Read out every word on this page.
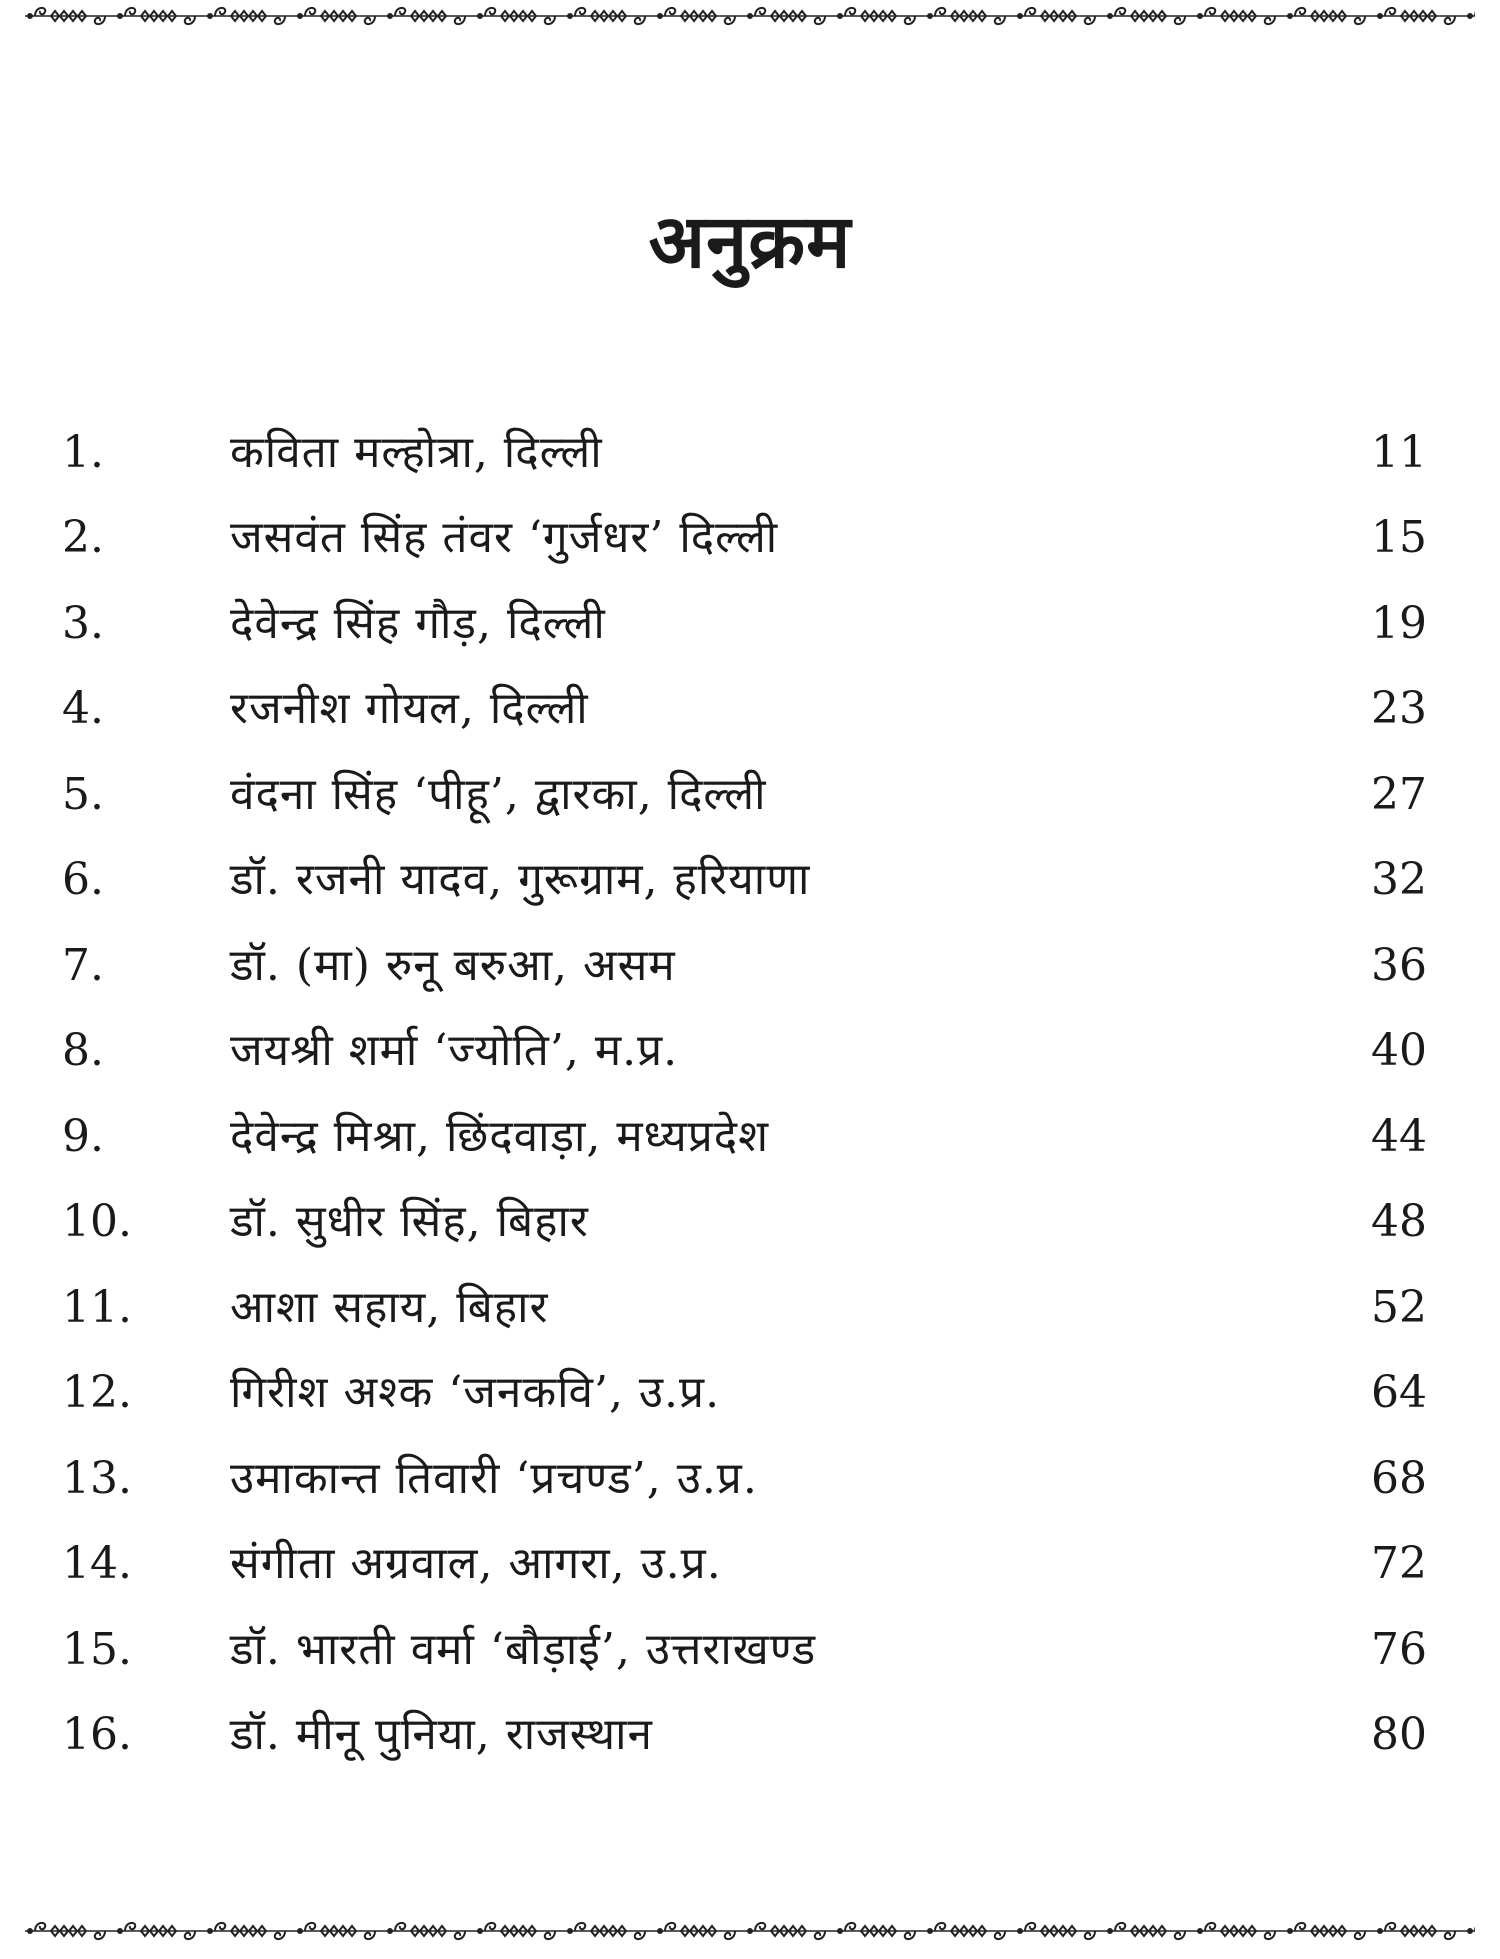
अनुक्रम
1.	कविता मल्होत्रा, दिल्ली	11
2.	जसवंत सिंह तंवर ‘गुर्जधर’ दिल्ली	15
3.	देवेन्द्र सिंह गौड़, दिल्ली	19
4.	रजनीश गोयल, दिल्ली	23
5.	वंदना सिंह ‘पीहू’, द्वारका, दिल्ली	27
6.	डॉ. रजनी यादव, गुरूग्राम, हरियाणा	32
7.	डॉ. (मा) रुनू बरुआ, असम	36
8.	जयश्री शर्मा ‘ज्योति’, म.प्र.	40
9.	देवेन्द्र मिश्रा, छिंदवाड़ा, मध्यप्रदेश	44
10.	डॉ. सुधीर सिंह, बिहार	48
11.	आशा सहाय, बिहार	52
12.	गिरीश अश्क ‘जनकवि’, उ.प्र.	64
13.	उमाकान्त तिवारी ‘प्रचण्ड’, उ.प्र.	68
14.	संगीता अग्रवाल, आगरा, उ.प्र.	72
15.	डॉ. भारती वर्मा ‘बौड़ाई’, उत्तराखण्ड	76
16.	डॉ. मीनू पुनिया, राजस्थान	80
